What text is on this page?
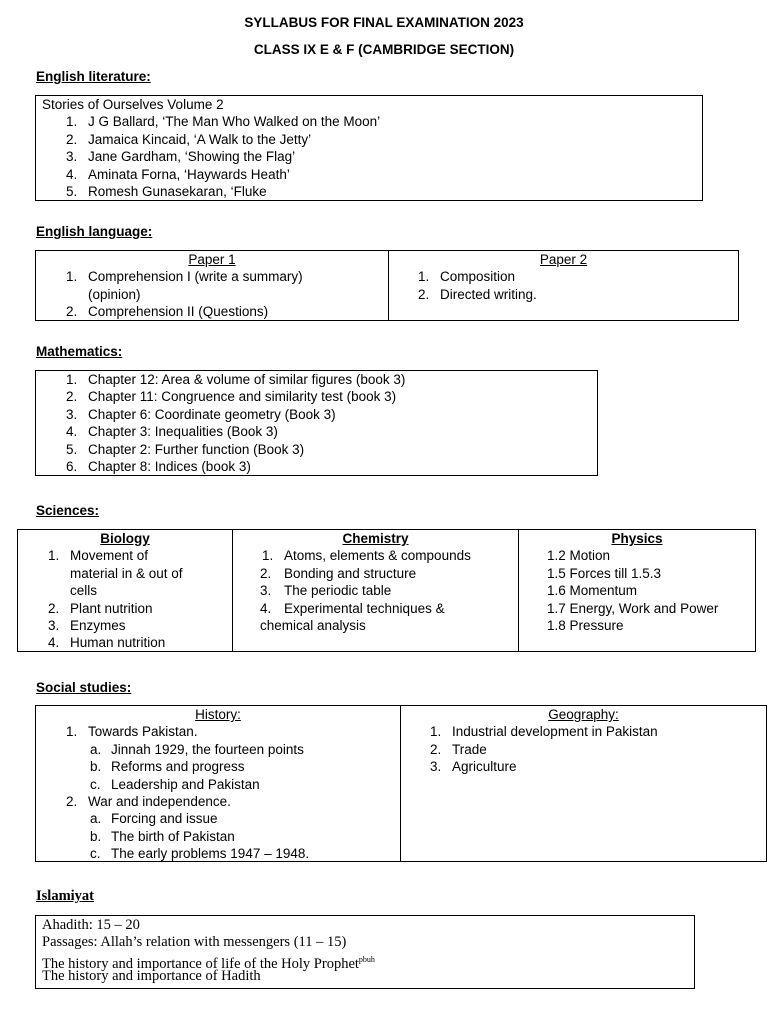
SYLLABUS FOR FINAL EXAMINATION 2023
CLASS IX E & F (CAMBRIDGE SECTION)
English literature:
Stories of Ourselves Volume 2
1. J G Ballard, ‘The Man Who Walked on the Moon’
2. Jamaica Kincaid, ‘A Walk to the Jetty’
3. Jane Gardham, ‘Showing the Flag’
4. Aminata Forna, ‘Haywards Heath’
5. Romesh Gunasekaran, ‘Fluke
English language:
Paper 1
1. Comprehension I (write a summary)
(opinion)
2. Comprehension II (Questions)
Paper 2
1. Composition
2. Directed writing.
Mathematics:
1. Chapter 12: Area & volume of similar figures (book 3)
2. Chapter 11: Congruence and similarity test (book 3)
3. Chapter 6: Coordinate geometry (Book 3)
4. Chapter 3: Inequalities (Book 3)
5. Chapter 2: Further function (Book 3)
6. Chapter 8: Indices (book 3)
Sciences:
Biology
1. Movement of
material in & out of
cells
2. Plant nutrition
3. Enzymes
4. Human nutrition
Chemistry
1. Atoms, elements & compounds
2. Bonding and structure
3. The periodic table
4. Experimental techniques &
chemical analysis
Physics
1.2 Motion
1.5 Forces till 1.5.3
1.6 Momentum
1.7 Energy, Work and Power
1.8 Pressure
Social studies:
History:
1. Towards Pakistan.
a. Jinnah 1929, the fourteen points
b. Reforms and progress
c. Leadership and Pakistan
2. War and independence.
a. Forcing and issue
b. The birth of Pakistan
c. The early problems 1947 – 1948.
Geography:
1. Industrial development in Pakistan
2. Trade
3. Agriculture
Islamiyat
Ahadith: 15 – 20
Passages: Allah’s relation with messengers (11 – 15)
The history and importance of life of the Holy Prophet$^{pbuh}$
The history and importance of Hadith
